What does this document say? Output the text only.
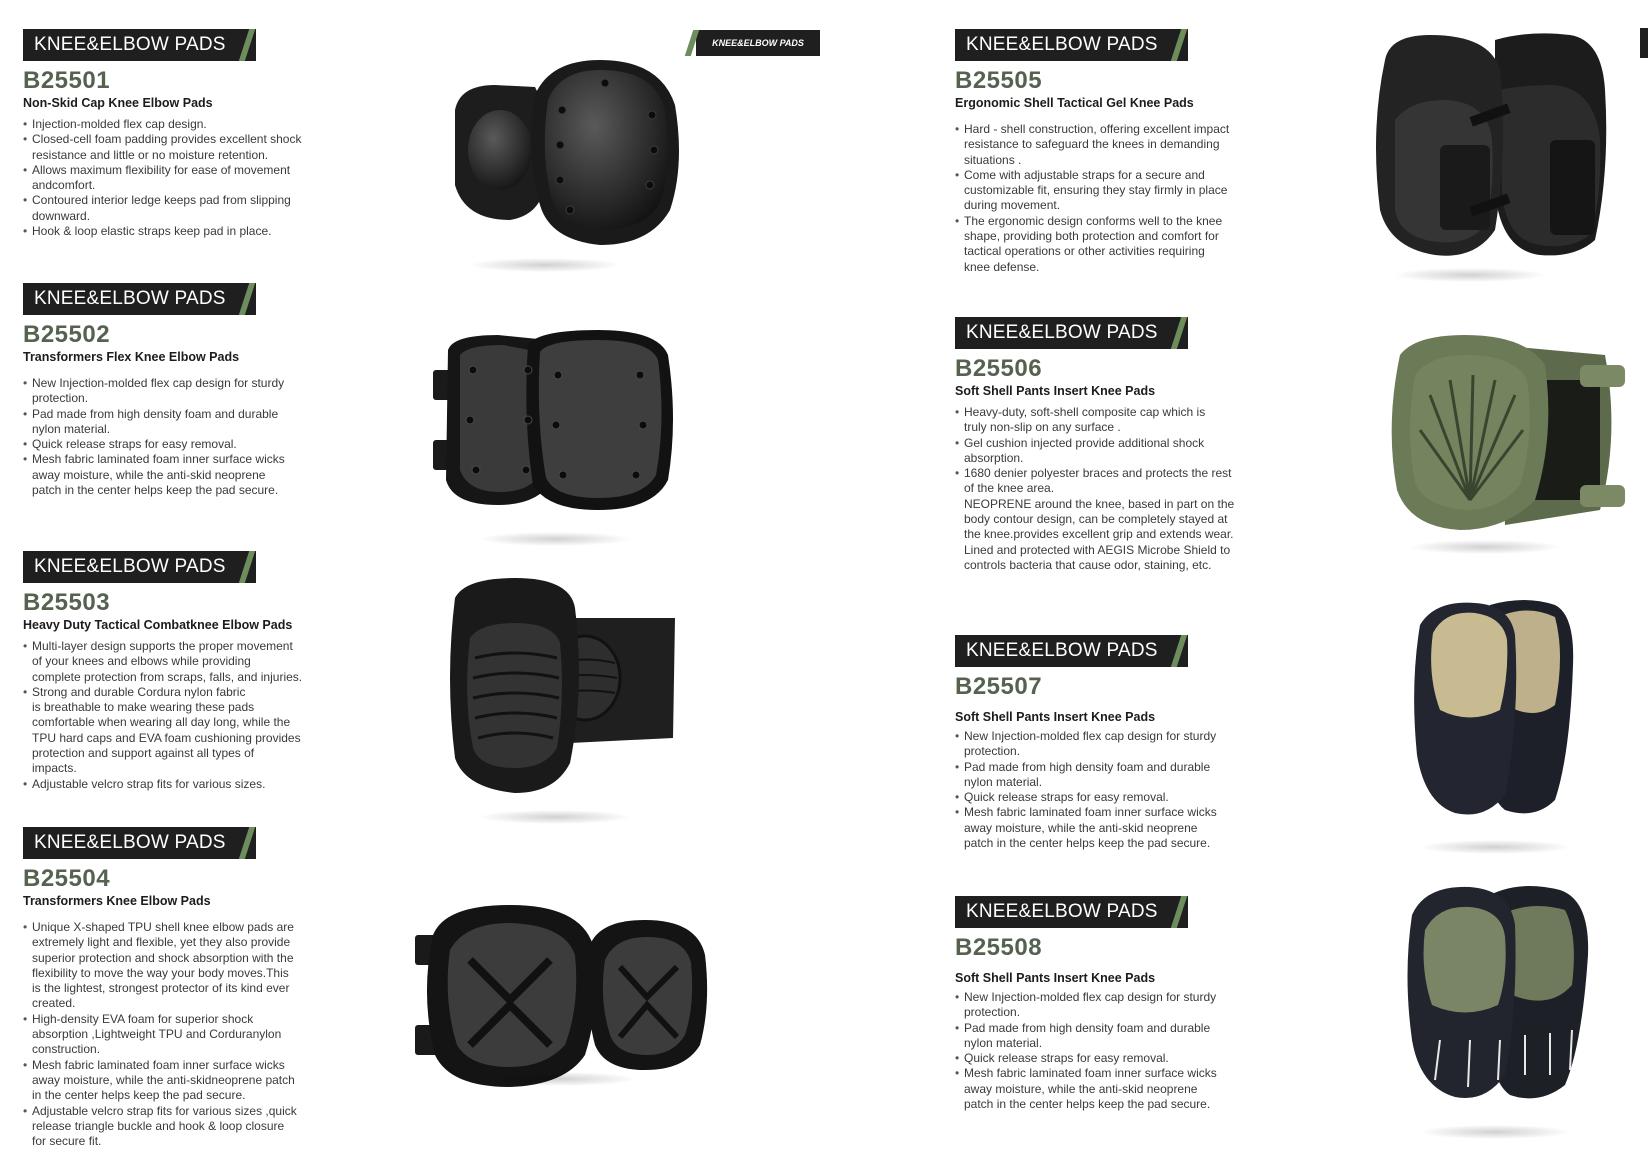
KNEE&ELBOW PADS
KNEE&ELBOW PADS
B25501
Non-Skid Cap Knee Elbow Pads
• Injection-molded flex cap design.
• Closed-cell foam padding provides excellent shock
resistance and little or no moisture retention.
• Allows maximum flexibility for ease of movement
andcomfort.
• Contoured interior ledge keeps pad from slipping
downward.
• Hook & loop elastic straps keep pad in place.
KNEE&ELBOW PADS
B25502
Transformers Flex Knee Elbow Pads
• New Injection-molded flex cap design for sturdy
protection.
• Pad made from high density foam and durable
nylon material.
• Quick release straps for easy removal.
• Mesh fabric laminated foam inner surface wicks
away moisture, while the anti-skid neoprene
patch in the center helps keep the pad secure.
KNEE&ELBOW PADS
B25503
Heavy Duty Tactical Combatknee Elbow Pads
• Multi-layer design supports the proper movement
of your knees and elbows while providing
complete protection from scraps, falls, and injuries.
• Strong and durable Cordura nylon fabric
is breathable to make wearing these pads
comfortable when wearing all day long, while the
TPU hard caps and EVA foam cushioning provides
protection and support against all types of
impacts.
• Adjustable velcro strap fits for various sizes.
KNEE&ELBOW PADS
B25504
Transformers Knee Elbow Pads
• Unique X-shaped TPU shell knee elbow pads are
extremely light and flexible, yet they also provide
superior protection and shock absorption with the
flexibility to move the way your body moves.This
is the lightest, strongest protector of its kind ever
created.
• High-density EVA foam for superior shock
absorption ,Lightweight TPU and Corduranylon
construction.
• Mesh fabric laminated foam inner surface wicks
away moisture, while the anti-skidneoprene patch
in the center helps keep the pad secure.
• Adjustable velcro strap fits for various sizes ,quick
release triangle buckle and hook & loop closure
for secure fit.
KNEE&ELBOW PADS
B25505
Ergonomic Shell Tactical Gel Knee Pads
• Hard - shell construction, offering excellent impact
resistance to safeguard the knees in demanding
situations .
• Come with adjustable straps for a secure and
customizable fit, ensuring they stay firmly in place
during movement.
• The ergonomic design conforms well to the knee
shape, providing both protection and comfort for
tactical operations or other activities requiring
knee defense.
KNEE&ELBOW PADS
B25506
Soft Shell Pants Insert Knee Pads
• Heavy-duty, soft-shell composite cap which is
truly non-slip on any surface .
• Gel cushion injected provide additional shock
absorption.
• 1680 denier polyester braces and protects the rest
of the knee area.
NEOPRENE around the knee, based in part on the
body contour design, can be completely stayed at
the knee.provides excellent grip and extends wear.
Lined and protected with AEGIS Microbe Shield to
controls bacteria that cause odor, staining, etc.
KNEE&ELBOW PADS
B25507
Soft Shell Pants Insert Knee Pads
• New Injection-molded flex cap design for sturdy
protection.
• Pad made from high density foam and durable
nylon material.
• Quick release straps for easy removal.
• Mesh fabric laminated foam inner surface wicks
away moisture, while the anti-skid neoprene
patch in the center helps keep the pad secure.
KNEE&ELBOW PADS
B25508
Soft Shell Pants Insert Knee Pads
• New Injection-molded flex cap design for sturdy
protection.
• Pad made from high density foam and durable
nylon material.
• Quick release straps for easy removal.
• Mesh fabric laminated foam inner surface wicks
away moisture, while the anti-skid neoprene
patch in the center helps keep the pad secure.
